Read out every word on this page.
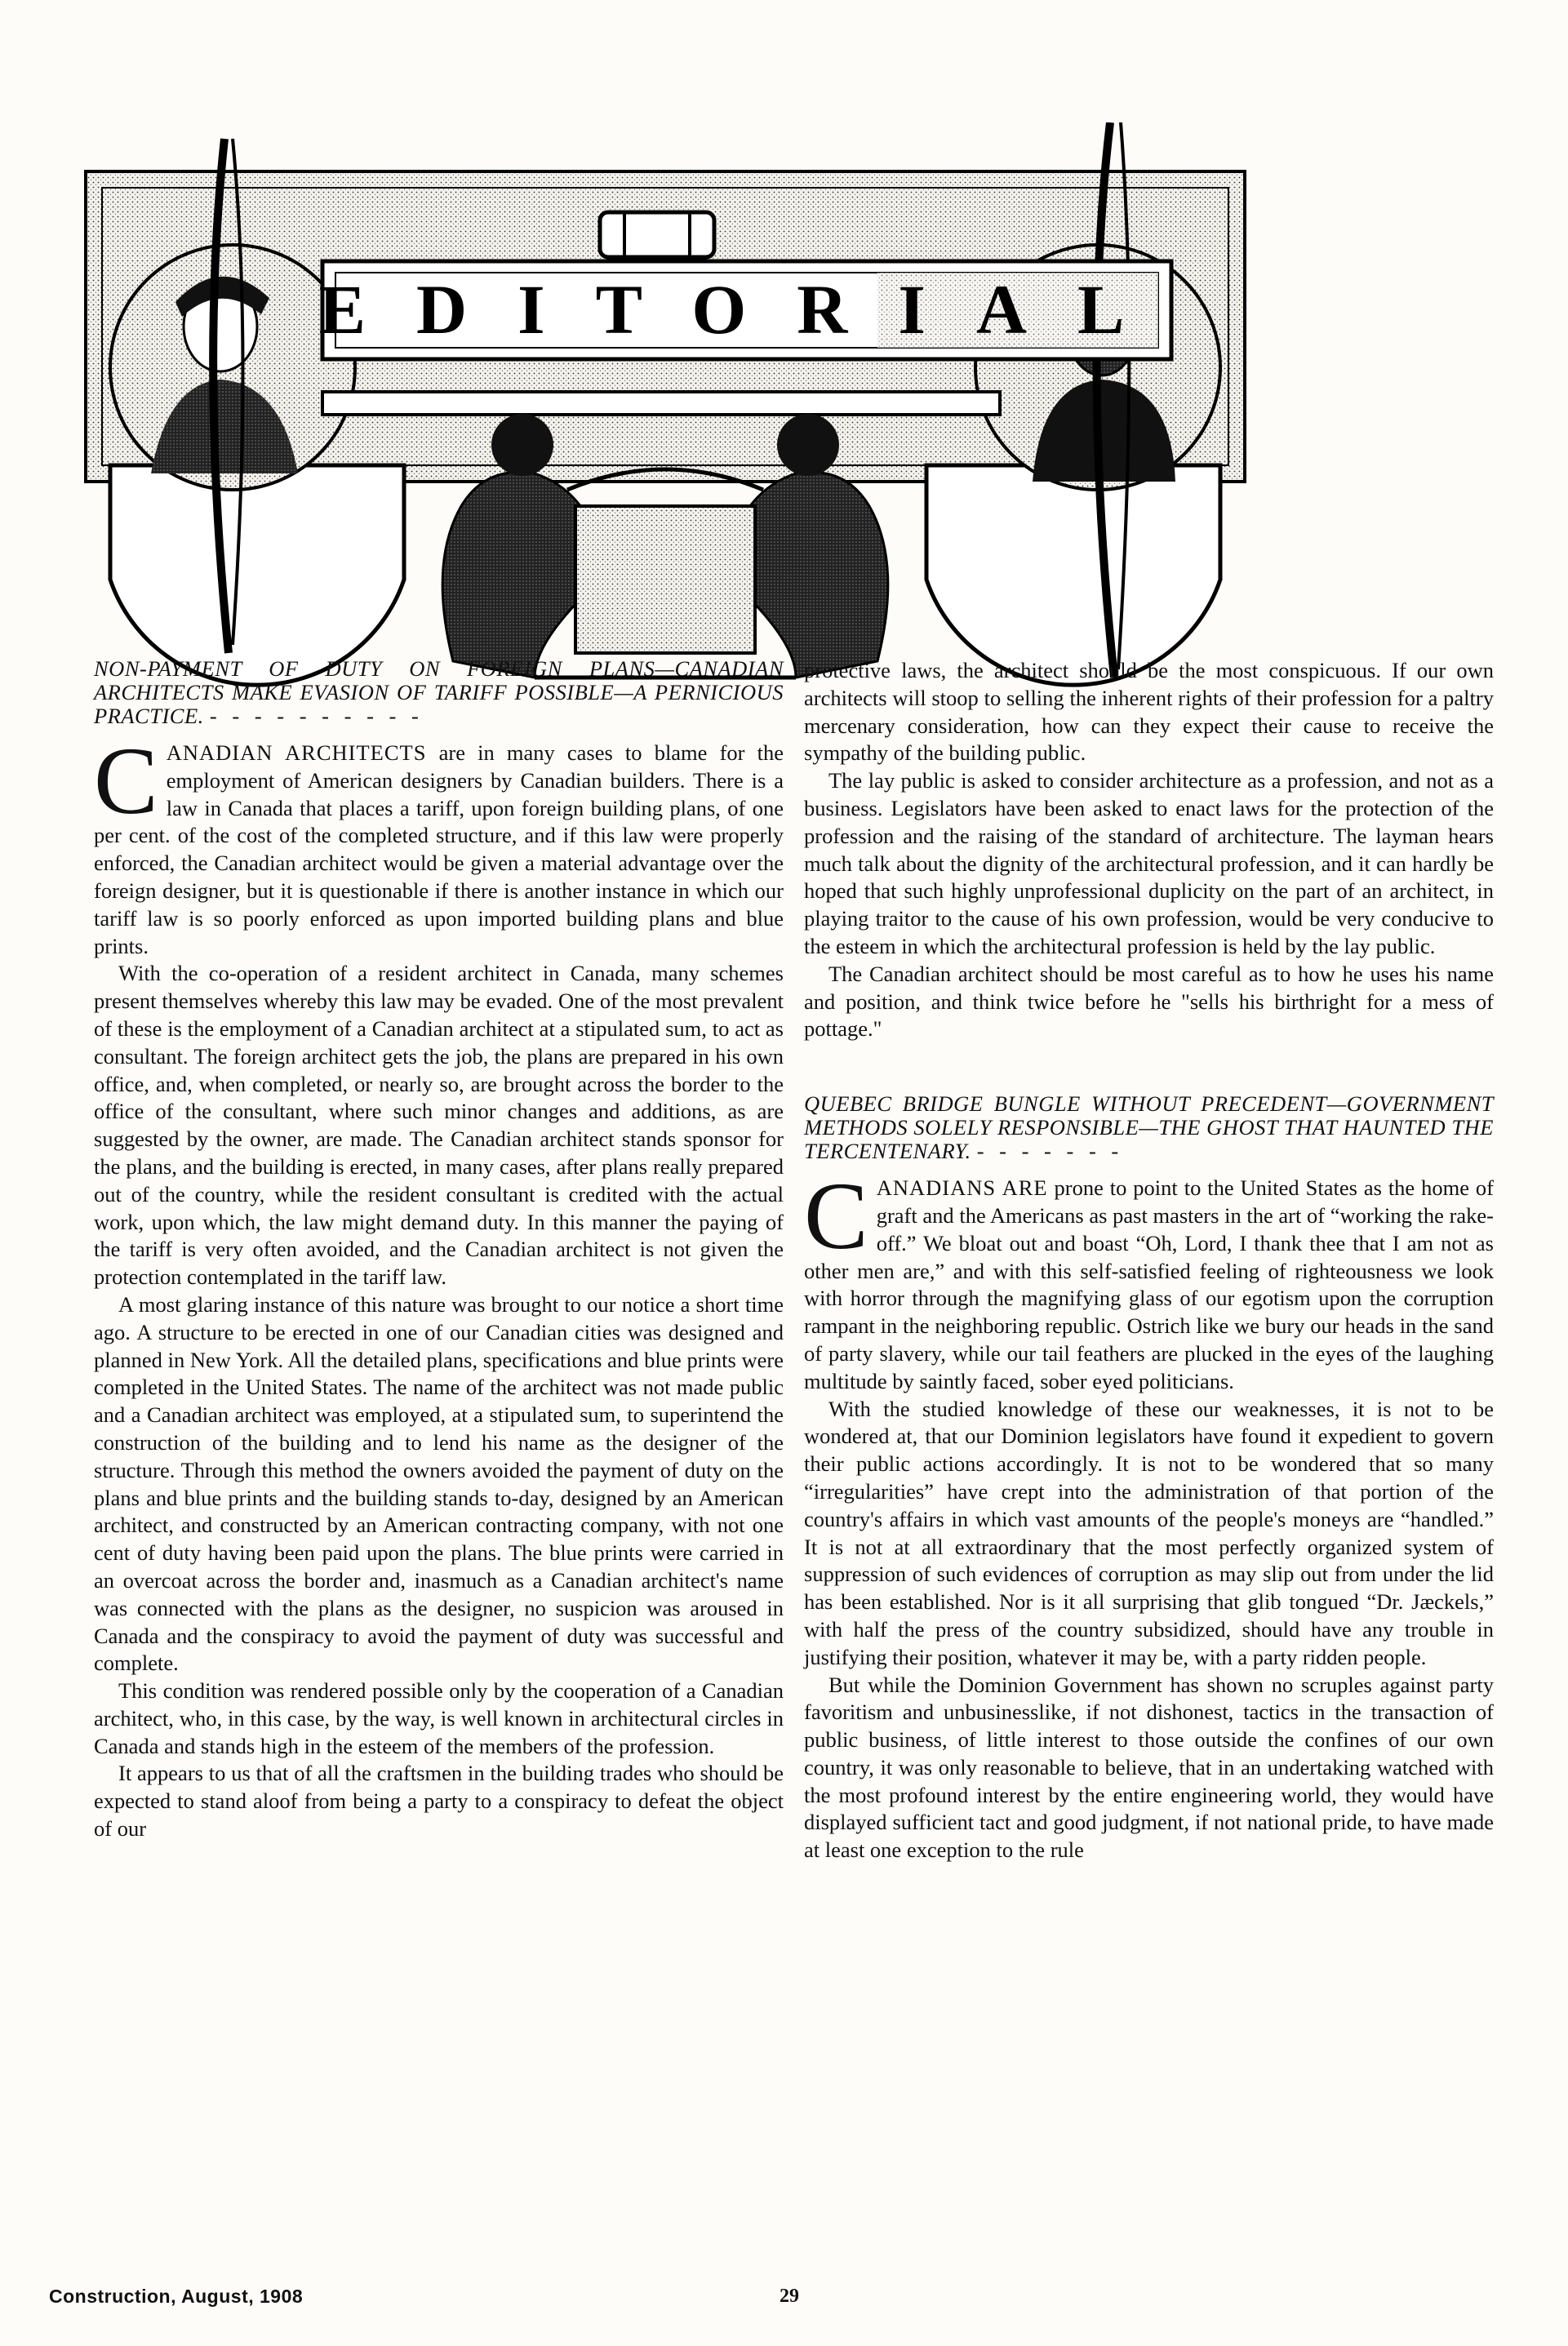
EDITORIAL
NON-PAYMENT OF DUTY ON FOREIGN PLANS—CANADIAN ARCHITECTS MAKE EVASION OF TARIFF POSSIBLE—A PERNICIOUS PRACTICE. - - - - - - - - - -

CANADIAN ARCHITECTS are in many cases to blame for the employment of American designers by Canadian builders. There is a law in Canada that places a tariff, upon foreign building plans, of one per cent. of the cost of the completed structure, and if this law were properly enforced, the Canadian architect would be given a material advantage over the foreign designer, but it is questionable if there is another instance in which our tariff law is so poorly enforced as upon imported building plans and blue prints.

With the co-operation of a resident architect in Canada, many schemes present themselves whereby this law may be evaded. One of the most prevalent of these is the employment of a Canadian architect at a stipulated sum, to act as consultant. The foreign architect gets the job, the plans are prepared in his own office, and, when completed, or nearly so, are brought across the border to the office of the consultant, where such minor changes and additions, as are suggested by the owner, are made. The Canadian architect stands sponsor for the plans, and the building is erected, in many cases, after plans really prepared out of the country, while the resident consultant is credited with the actual work, upon which, the law might demand duty. In this manner the paying of the tariff is very often avoided, and the Canadian architect is not given the protection contemplated in the tariff law.

A most glaring instance of this nature was brought to our notice a short time ago. A structure to be erected in one of our Canadian cities was designed and planned in New York. All the detailed plans, specifications and blue prints were completed in the United States. The name of the architect was not made public and a Canadian architect was employed, at a stipulated sum, to superintend the construction of the building and to lend his name as the designer of the structure. Through this method the owners avoided the payment of duty on the plans and blue prints and the building stands to-day, designed by an American architect, and constructed by an American contracting company, with not one cent of duty having been paid upon the plans. The blue prints were carried in an overcoat across the border and, inasmuch as a Canadian architect's name was connected with the plans as the designer, no suspicion was aroused in Canada and the conspiracy to avoid the payment of duty was successful and complete.

This condition was rendered possible only by the cooperation of a Canadian architect, who, in this case, by the way, is well known in architectural circles in Canada and stands high in the esteem of the members of the profession.

It appears to us that of all the craftsmen in the building trades who should be expected to stand aloof from being a party to a conspiracy to defeat the object of our

protective laws, the architect should be the most conspicuous. If our own architects will stoop to selling the inherent rights of their profession for a paltry mercenary consideration, how can they expect their cause to receive the sympathy of the building public.

The lay public is asked to consider architecture as a profession, and not as a business. Legislators have been asked to enact laws for the protection of the profession and the raising of the standard of architecture. The layman hears much talk about the dignity of the architectural profession, and it can hardly be hoped that such highly unprofessional duplicity on the part of an architect, in playing traitor to the cause of his own profession, would be very conducive to the esteem in which the architectural profession is held by the lay public.

The Canadian architect should be most careful as to how he uses his name and position, and think twice before he "sells his birthright for a mess of pottage."

QUEBEC BRIDGE BUNGLE WITHOUT PRECEDENT—GOVERNMENT METHODS SOLELY RESPONSIBLE—THE GHOST THAT HAUNTED THE TERCENTENARY. - - - - - - -

CANADIANS ARE prone to point to the United States as the home of graft and the Americans as past masters in the art of “working the rake-off.” We bloat out and boast “Oh, Lord, I thank thee that I am not as other men are,” and with this self-satisfied feeling of righteousness we look with horror through the magnifying glass of our egotism upon the corruption rampant in the neighboring republic. Ostrich like we bury our heads in the sand of party slavery, while our tail feathers are plucked in the eyes of the laughing multitude by saintly faced, sober eyed politicians.

With the studied knowledge of these our weaknesses, it is not to be wondered at, that our Dominion legislators have found it expedient to govern their public actions accordingly. It is not to be wondered that so many “irregularities” have crept into the administration of that portion of the country's affairs in which vast amounts of the people's moneys are “handled.” It is not at all extraordinary that the most perfectly organized system of suppression of such evidences of corruption as may slip out from under the lid has been established. Nor is it all surprising that glib tongued “Dr. Jæckels,” with half the press of the country subsidized, should have any trouble in justifying their position, whatever it may be, with a party ridden people.

But while the Dominion Government has shown no scruples against party favoritism and unbusinesslike, if not dishonest, tactics in the transaction of public business, of little interest to those outside the confines of our own country, it was only reasonable to believe, that in an undertaking watched with the most profound interest by the entire engineering world, they would have displayed sufficient tact and good judgment, if not national pride, to have made at least one exception to the rule

Construction, August, 1908	29
